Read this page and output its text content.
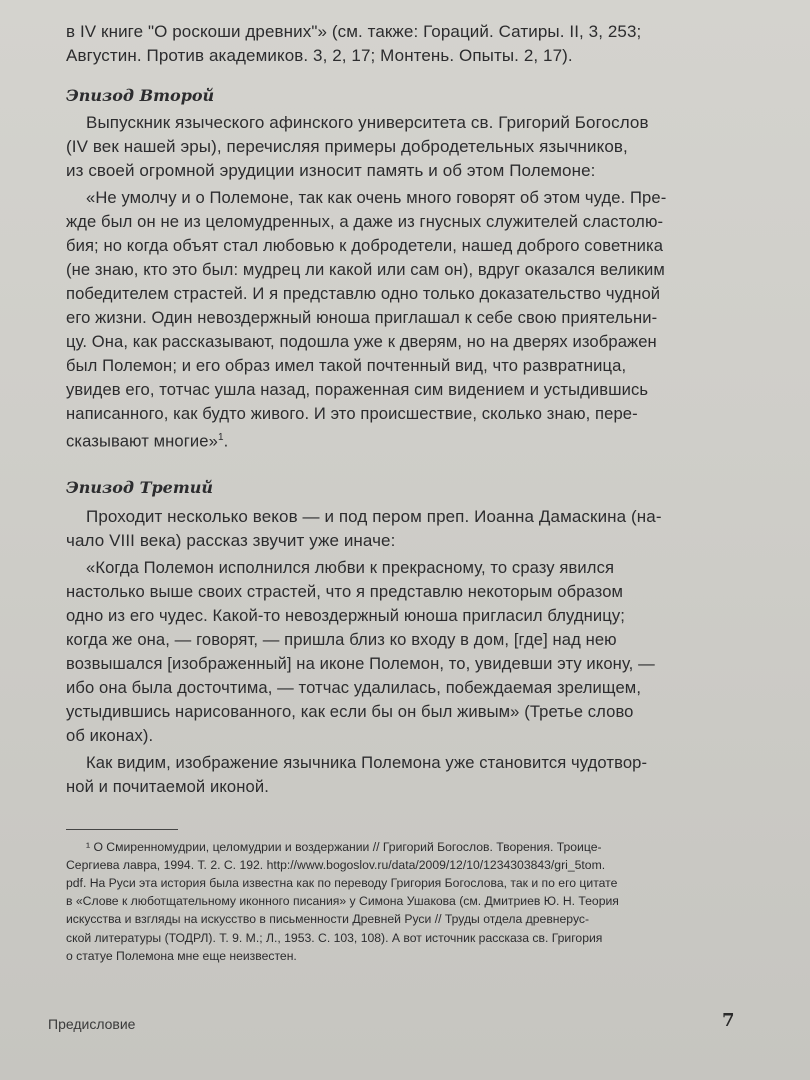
в IV книге "О роскоши древних"» (см. также: Гораций. Сатиры. II, 3, 253;

Августин. Против академиков. 3, 2, 17; Монтень. Опыты. 2, 17).

Эпизод Второй

Выпускник языческого афинского университета св. Григорий Богослов

(IV век нашей эры), перечисляя примеры добродетельных язычников,

из своей огромной эрудиции износит память и об этом Полемоне:

«Не умолчу и о Полемоне, так как очень много говорят об этом чуде. Пре-

жде был он не из целомудренных, а даже из гнусных служителей сластолю-

бия; но когда объят стал любовью к добродетели, нашед доброго советника

(не знаю, кто это был: мудрец ли какой или сам он), вдруг оказался великим

победителем страстей. И я представлю одно только доказательство чудной

его жизни. Один невоздержный юноша приглашал к себе свою приятельни-

цу. Она, как рассказывают, подошла уже к дверям, но на дверях изображен

был Полемон; и его образ имел такой почтенный вид, что развратница,

увидев его, тотчас ушла назад, пораженная сим видением и устыдившись

написанного, как будто живого. И это происшествие, сколько знаю, пере-

сказывают многие»$^1$.

Эпизод Третий

Проходит несколько веков — и под пером преп. Иоанна Дамаскина (на-

чало VIII века) рассказ звучит уже иначе:

«Когда Полемон исполнился любви к прекрасному, то сразу явился

настолько выше своих страстей, что я представлю некоторым образом

одно из его чудес. Какой-то невоздержный юноша пригласил блудницу;

когда же она, — говорят, — пришла близ ко входу в дом, [где] над нею

возвышался [изображенный] на иконе Полемон, то, увидевши эту икону, —

ибо она была досточтима, — тотчас удалилась, побеждаемая зрелищем,

устыдившись нарисованного, как если бы он был живым» (Третье слово

об иконах).

Как видим, изображение язычника Полемона уже становится чудотвор-

ной и почитаемой иконой.

¹ О Смиренномудрии, целомудрии и воздержании // Григорий Богослов. Творения. Троице-

Сергиева лавра, 1994. Т. 2. С. 192. http://www.bogoslov.ru/data/2009/12/10/1234303843/gri_5tom.

pdf. На Руси эта история была известна как по переводу Григория Богослова, так и по его цитате

в «Слове к люботщательному иконного писания» у Симона Ушакова (см. Дмитриев Ю. Н. Теория

искусства и взгляды на искусство в письменности Древней Руси // Труды отдела древнерус-

ской литературы (ТОДРЛ). Т. 9. М.; Л., 1953. С. 103, 108). А вот источник рассказа св. Григория

о статуе Полемона мне еще неизвестен.

Предисловие	7
